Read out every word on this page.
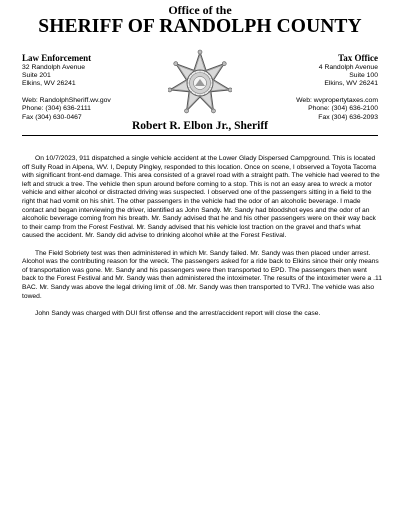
Office of the
SHERIFF OF RANDOLPH COUNTY
Law Enforcement
32 Randolph Avenue
Suite 201
Elkins, WV 26241
Web: RandolphSheriff.wv.gov
Phone: (304) 636-2111
Fax (304) 630-0467
Tax Office
4 Randolph Avenue
Suite 100
Elkins, WV 26241
Web: wvpropertytaxes.com
Phone: (304) 636-2100
Fax (304) 636-2093
Robert R. Elbon Jr., Sheriff

On 10/7/2023, 911 dispatched a single vehicle accident at the Lower Glady Dispersed Campground. This is located off Sully Road in Alpena, WV. I, Deputy Pingley, responded to this location. Once on scene, I observed a Toyota Tacoma with significant front-end damage. This area consisted of a gravel road with a straight path. The vehicle had veered to the left and struck a tree. The vehicle then spun around before coming to a stop. This is not an easy area to wreck a motor vehicle and either alcohol or distracted driving was suspected. I observed one of the passengers sitting in a field to the right that had vomit on his shirt. The other passengers in the vehicle had the odor of an alcoholic beverage. I made contact and began interviewing the driver, identified as John Sandy. Mr. Sandy had bloodshot eyes and the odor of an alcoholic beverage coming from his breath. Mr. Sandy advised that he and his other passengers were on their way back to their camp from the Forest Festival. Mr. Sandy advised that his vehicle lost traction on the gravel and that's what caused the accident. Mr. Sandy did advise to drinking alcohol while at the Forest Festival.

The Field Sobriety test was then administered in which Mr. Sandy failed. Mr. Sandy was then placed under arrest. Alcohol was the contributing reason for the wreck. The passengers asked for a ride back to Elkins since their only means of transportation was gone. Mr. Sandy and his passengers were then transported to EPD. The passengers then went back to the Forest Festival and Mr. Sandy was then administered the intoximeter. The results of the intoximeter were a .11 BAC. Mr. Sandy was above the legal driving limit of .08. Mr. Sandy was then transported to TVRJ. The vehicle was also towed.

John Sandy was charged with DUI first offense and the arrest/accident report will close the case.
